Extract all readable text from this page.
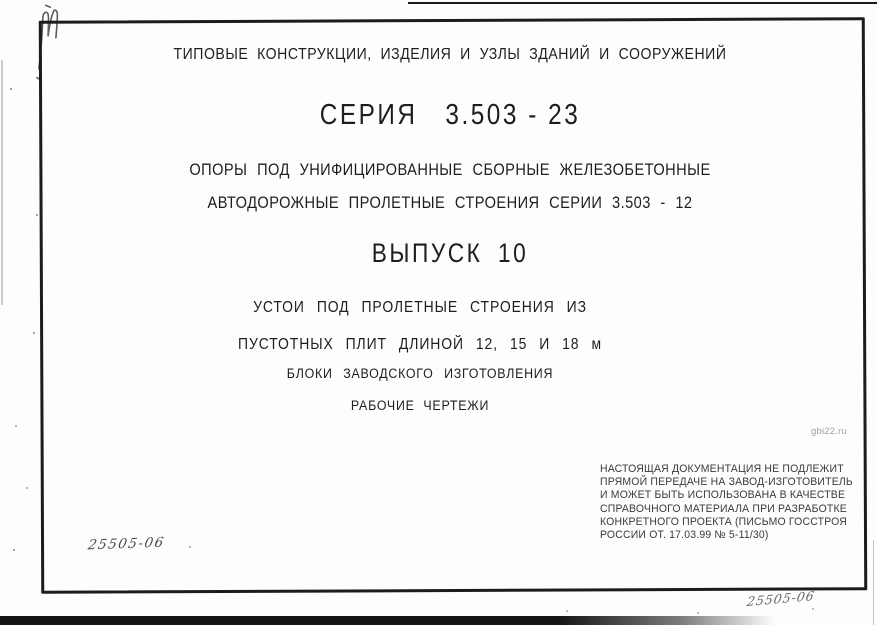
ТИПОВЫЕ КОНСТРУКЦИИ, ИЗДЕЛИЯ И УЗЛЫ ЗДАНИЙ И СООРУЖЕНИЙ
СЕРИЯ   3.503 - 23
ОПОРЫ ПОД УНИФИЦИРОВАННЫЕ СБОРНЫЕ ЖЕЛЕЗОБЕТОННЫЕ
АВТОДОРОЖНЫЕ ПРОЛЕТНЫЕ СТРОЕНИЯ СЕРИИ 3.503 - 12
ВЫПУСК 10
УСТОИ ПОД ПРОЛЕТНЫЕ СТРОЕНИЯ ИЗ
ПУСТОТНЫХ ПЛИТ ДЛИНОЙ 12, 15 И 18 м
БЛОКИ ЗАВОДСКОГО ИЗГОТОВЛЕНИЯ
РАБОЧИЕ ЧЕРТЕЖИ
НАСТОЯЩАЯ ДОКУМЕНТАЦИЯ НЕ ПОДЛЕЖИТ
ПРЯМОЙ ПЕРЕДАЧЕ НА ЗАВОД-ИЗГОТОВИТЕЛЬ
И МОЖЕТ БЫТЬ ИСПОЛЬЗОВАНА В КАЧЕСТВЕ
СПРАВОЧНОГО МАТЕРИАЛА ПРИ РАЗРАБОТКЕ
КОНКРЕТНОГО ПРОЕКТА (ПИСЬМО ГОССТРОЯ
РОССИИ ОТ. 17.03.99 № 5-11/30)
25505-06
25505-06
gbi22.ru
